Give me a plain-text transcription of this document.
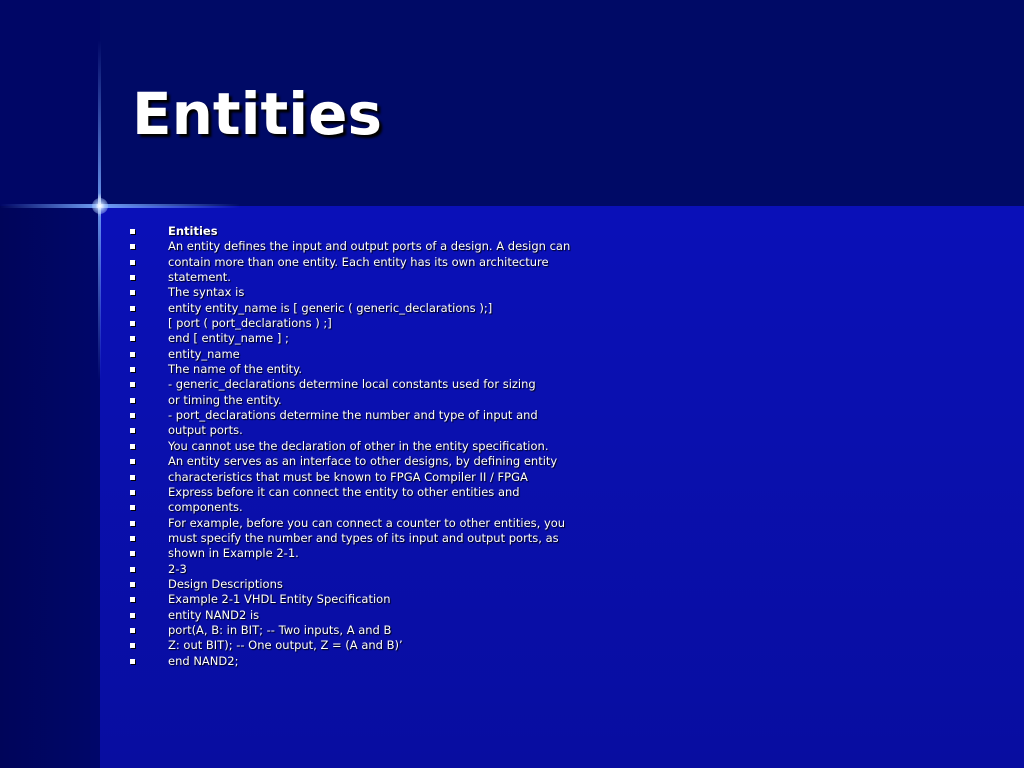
Entities
Entities
An entity defines the input and output ports of a design. A design can
contain more than one entity. Each entity has its own architecture
statement.
The syntax is
entity entity_name is [ generic ( generic_declarations );]
[ port ( port_declarations ) ;]
end [ entity_name ] ;
entity_name
The name of the entity.
- generic_declarations determine local constants used for sizing
or timing the entity.
- port_declarations determine the number and type of input and
output ports.
You cannot use the declaration of other in the entity specification.
An entity serves as an interface to other designs, by defining entity
characteristics that must be known to FPGA Compiler II / FPGA
Express before it can connect the entity to other entities and
components.
For example, before you can connect a counter to other entities, you
must specify the number and types of its input and output ports, as
shown in Example 2-1.
2-3
Design Descriptions
Example 2-1 VHDL Entity Specification
entity NAND2 is
port(A, B: in BIT; -- Two inputs, A and B
Z: out BIT); -- One output, Z = (A and B)’
end NAND2;
